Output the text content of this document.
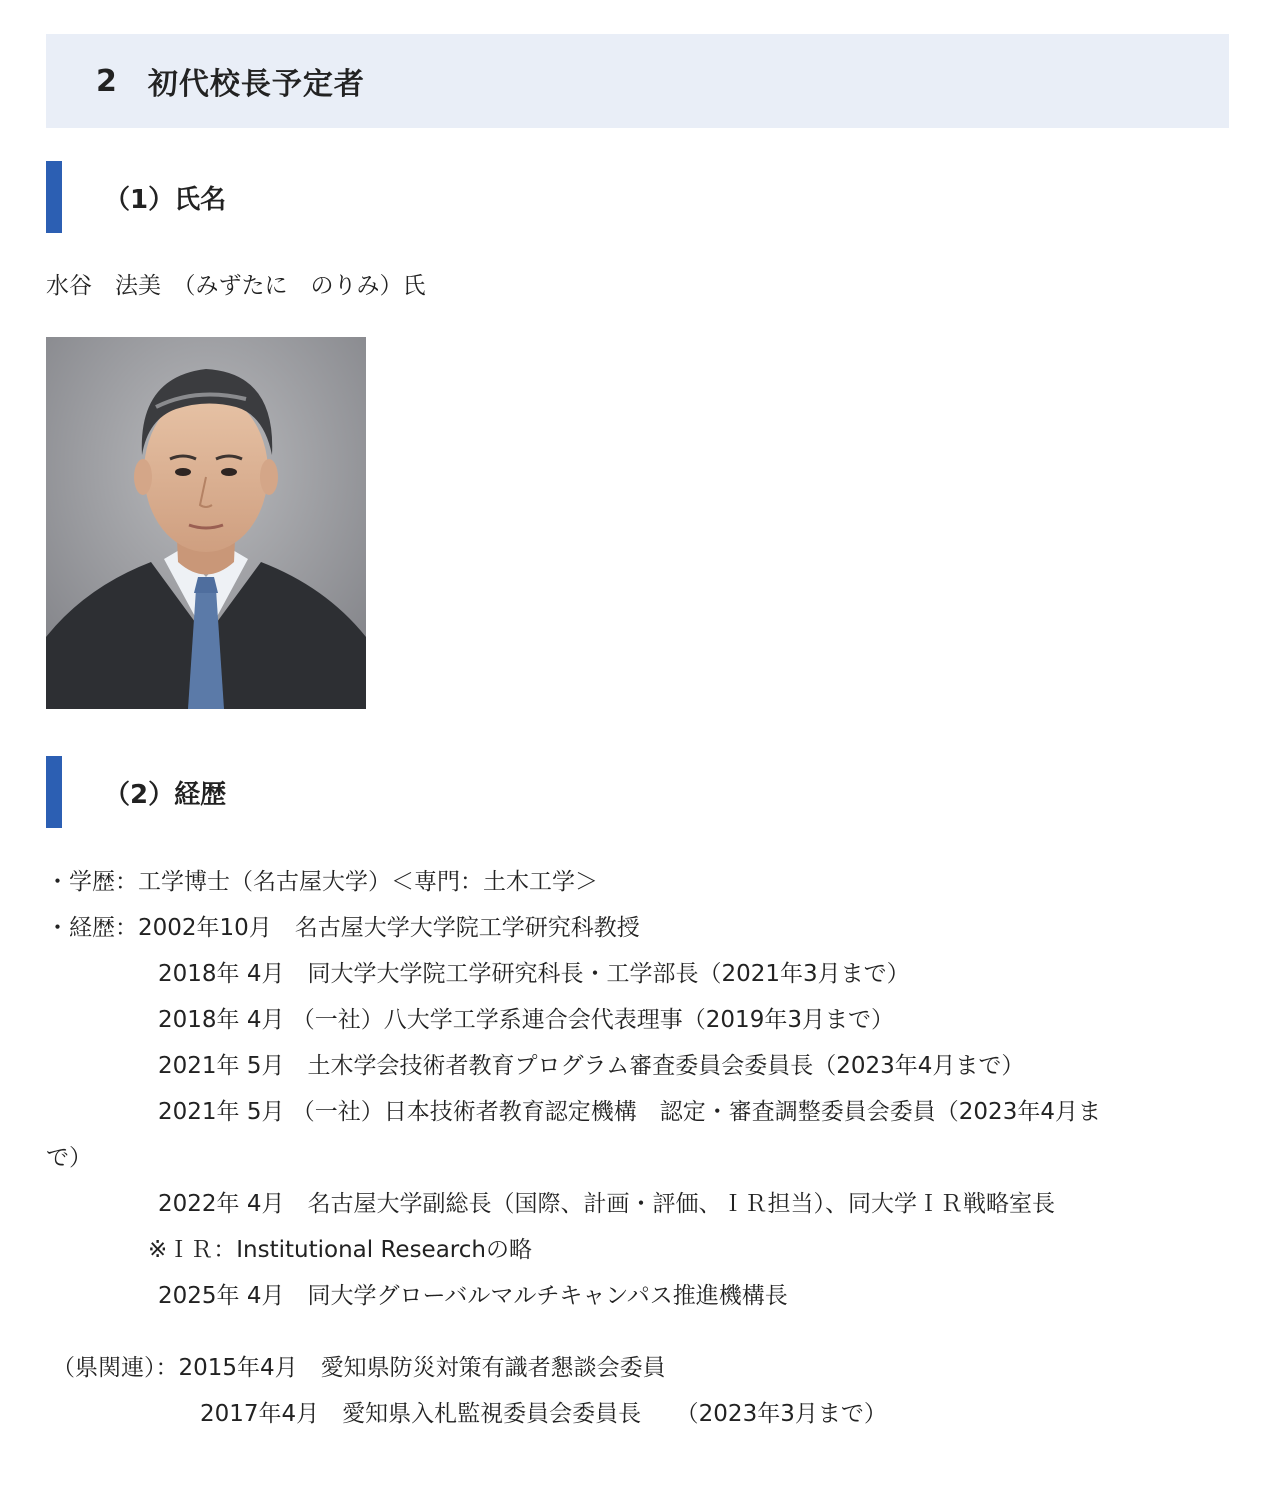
2 初代校長予定者
（1）氏名
水谷　法美　（みずたに　のりみ）氏
（2）経歴
・学歴：工学博士（名古屋大学）＜専門：土木工学＞
・経歴：2002年10月　名古屋大学大学院工学研究科教授
2018年 4月　同大学大学院工学研究科長・工学部長（2021年3月まで）
2018年 4月 （一社）八大学工学系連合会代表理事（2019年3月まで）
2021年 5月　土木学会技術者教育プログラム審査委員会委員長（2023年4月まで）
2021年 5月 （一社）日本技術者教育認定機構　認定・審査調整委員会委員（2023年4月ま
で）
2022年 4月　名古屋大学副総長（国際、計画・評価、ＩＲ担当）、同大学ＩＲ戦略室長
※ＩＲ：Institutional Researchの略
2025年 4月　同大学グローバルマルチキャンパス推進機構長
（県関連）：2015年4月　愛知県防災対策有識者懇談会委員
2017年4月　愛知県入札監視委員会委員長　　（2023年3月まで）
